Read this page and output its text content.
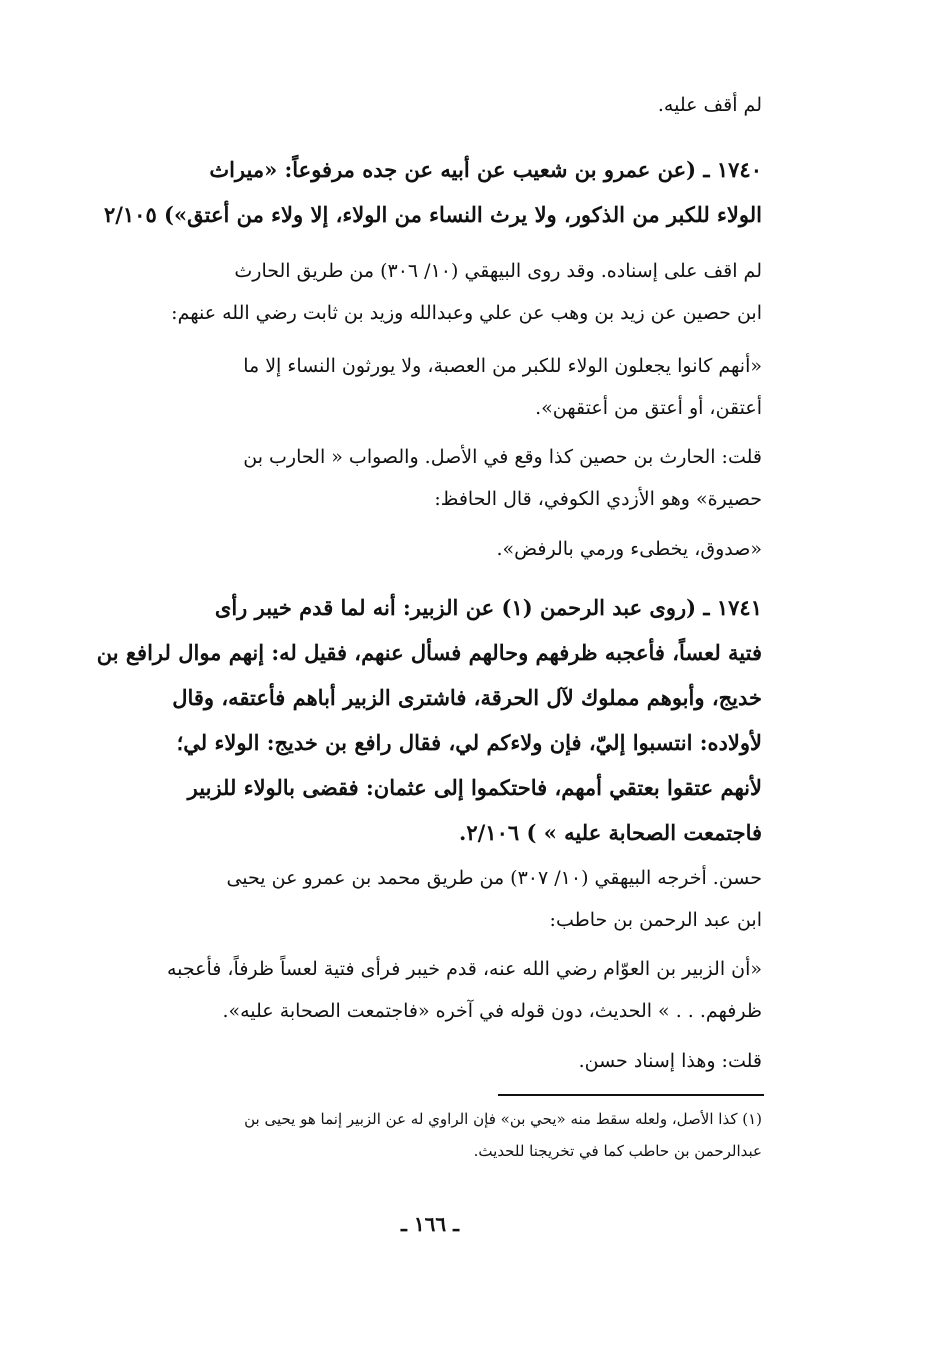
لم أقف عليه.
١٧٤٠ ـ (عن عمرو بن شعيب عن أبيه عن جده مرفوعاً: «ميراث
الولاء للكبر من الذكور، ولا يرث النساء من الولاء، إلا ولاء من أعتق») ٢/١٠٥
لم اقف على إسناده. وقد روى البيهقي (١٠/ ٣٠٦) من طريق الحارث
ابن حصين عن زيد بن وهب عن علي وعبدالله وزيد بن ثابت رضي الله عنهم:
«أنهم كانوا يجعلون الولاء للكبر من العصبة، ولا يورثون النساء إلا ما
أعتقن، أو أعتق من أعتقهن».
قلت: الحارث بن حصين كذا وقع في الأصل. والصواب « الحارب بن
حصيرة» وهو الأزدي الكوفي، قال الحافظ:
«صدوق، يخطىء ورمي بالرفض».
١٧٤١ ـ (روى عبد الرحمن (١) عن الزبير: أنه لما قدم خيبر رأى
فتية لعساً، فأعجبه ظرفهم وحالهم فسأل عنهم، فقيل له: إنهم موال لرافع بن
خديج، وأبوهم مملوك لآل الحرقة، فاشترى الزبير أباهم فأعتقه، وقال
لأولاده: انتسبوا إليّ، فإن ولاءكم لي، فقال رافع بن خديج: الولاء لي؛
لأنهم عتقوا بعتقي أمهم، فاحتكموا إلى عثمان: فقضى بالولاء للزبير
فاجتمعت الصحابة عليه » ) ٢/١٠٦.
حسن. أخرجه البيهقي (١٠/ ٣٠٧) من طريق محمد بن عمرو عن يحيى
ابن عبد الرحمن بن حاطب:
«أن الزبير بن العوّام رضي الله عنه، قدم خيبر فرأى فتية لعساً ظرفاً، فأعجبه
ظرفهم. . . » الحديث، دون قوله في آخره «فاجتمعت الصحابة عليه».
قلت: وهذا إسناد حسن.
(١) كذا الأصل، ولعله سقط منه «يحي بن» فإن الراوي له عن الزبير إنما هو يحيى بن
عبدالرحمن بن حاطب كما في تخريجنا للحديث.
ـ ١٦٦ ـ
